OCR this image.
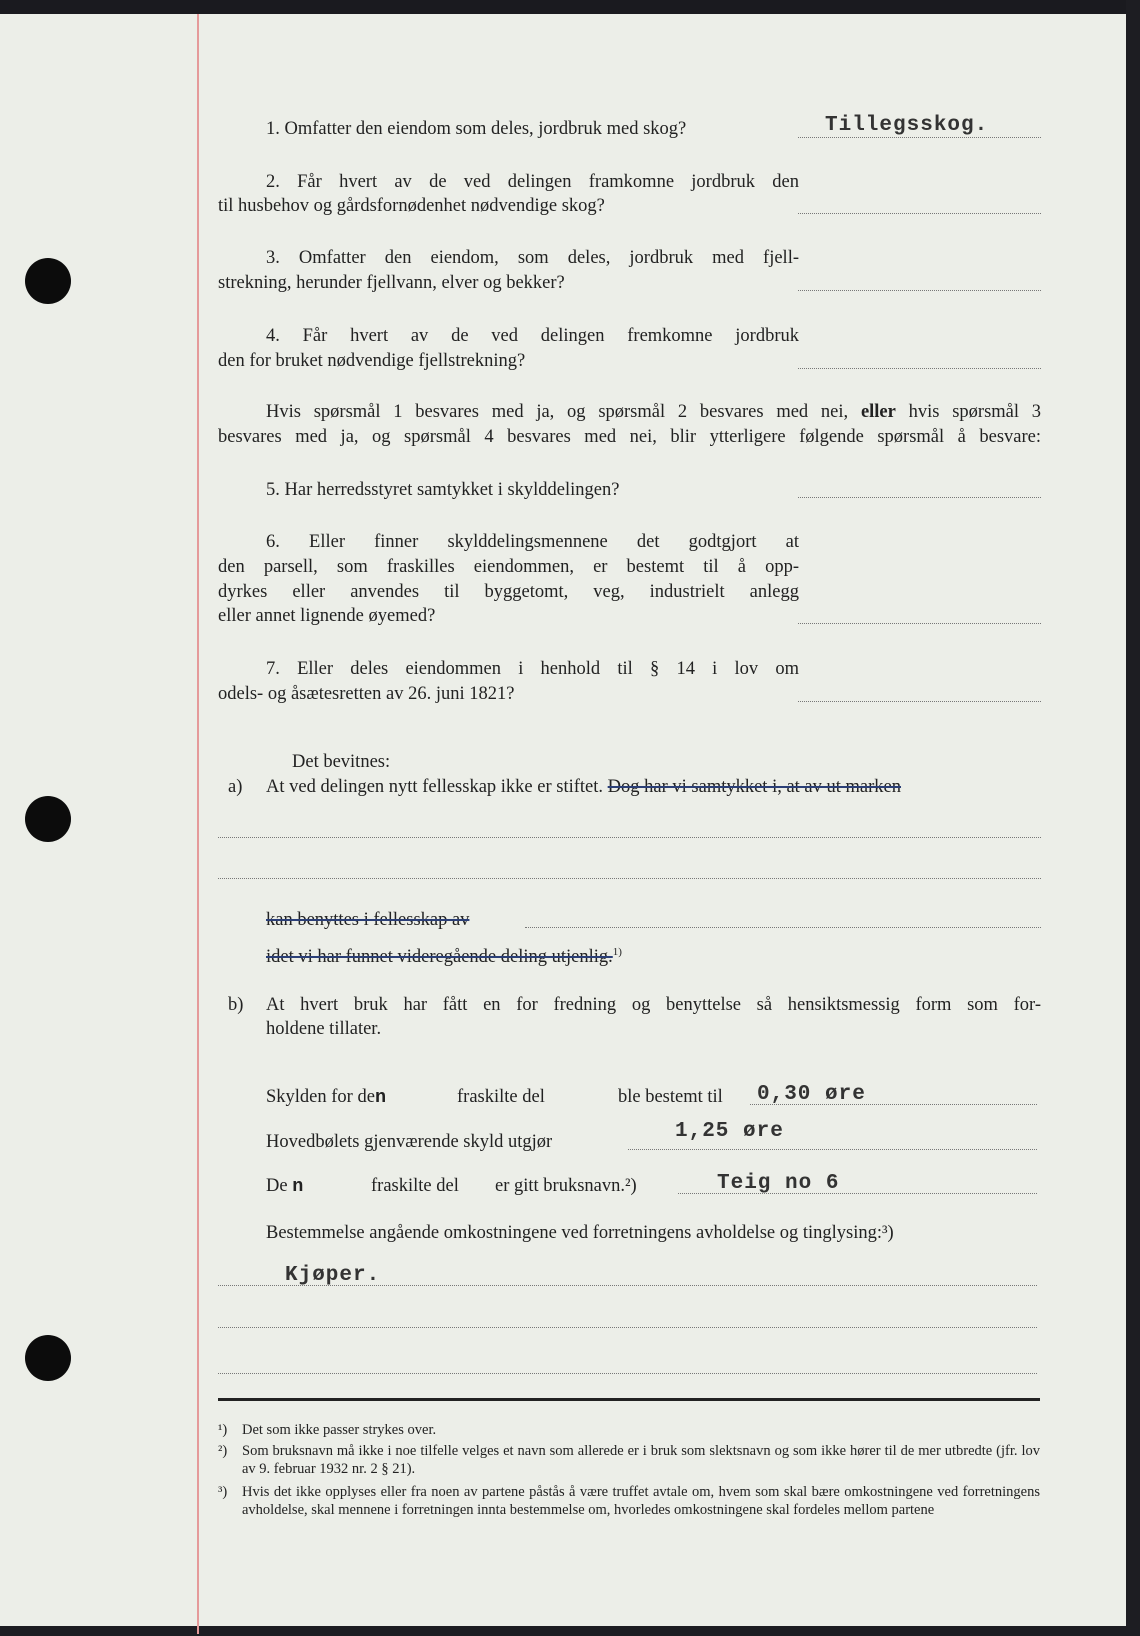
1. Omfatter den eiendom som deles, jordbruk med skog?	Tillegsskog.
2. Får hvert av de ved delingen framkomne jordbruk den
til husbehov og gårdsfornødenhet nødvendige skog?
3. Omfatter den eiendom, som deles, jordbruk med fjell-
strekning, herunder fjellvann, elver og bekker?
4. Får hvert av de ved delingen fremkomne jordbruk
den for bruket nødvendige fjellstrekning?
Hvis spørsmål 1 besvares med ja, og spørsmål 2 besvares med nei, eller hvis spørsmål 3
besvares med ja, og spørsmål 4 besvares med nei, blir ytterligere følgende spørsmål å besvare:
5. Har herredsstyret samtykket i skylddelingen?
6. Eller finner skylddelingsmennene det godtgjort at
den parsell, som fraskilles eiendommen, er bestemt til å opp-
dyrkes eller anvendes til byggetomt, veg, industrielt anlegg
eller annet lignende øyemed?
7. Eller deles eiendommen i henhold til § 14 i lov om
odels- og åsætesretten av 26. juni 1821?
Det bevitnes:
a) At ved delingen nytt fellesskap ikke er stiftet. Dog har vi samtykket i, at av ut marken
kan benyttes i fellesskap av
idet vi har funnet videregående deling utjenlig.$^{1)}$
b) At hvert bruk har fått en for fredning og benyttelse så hensiktsmessig form som for-
holdene tillater.
Skylden for den	fraskilte del	ble bestemt til 0,30 øre
Hovedbølets gjenværende skyld utgjør	1,25 øre
De n	fraskilte del er gitt bruksnavn.²)	Teig no 6
Bestemmelse angående omkostningene ved forretningens avholdelse og tinglysing:³)
Kjøper.
¹) Det som ikke passer strykes over.
²) Som bruksnavn må ikke i noe tilfelle velges et navn som allerede er i bruk som slektsnavn og som ikke hører til de mer utbredte (jfr. lov av 9. februar 1932 nr. 2 § 21).
³) Hvis det ikke opplyses eller fra noen av partene påstås å være truffet avtale om, hvem som skal bære omkostningene ved forretningens avholdelse, skal mennene i forretningen innta bestemmelse om, hvorledes omkostningene skal fordeles mellom partene
